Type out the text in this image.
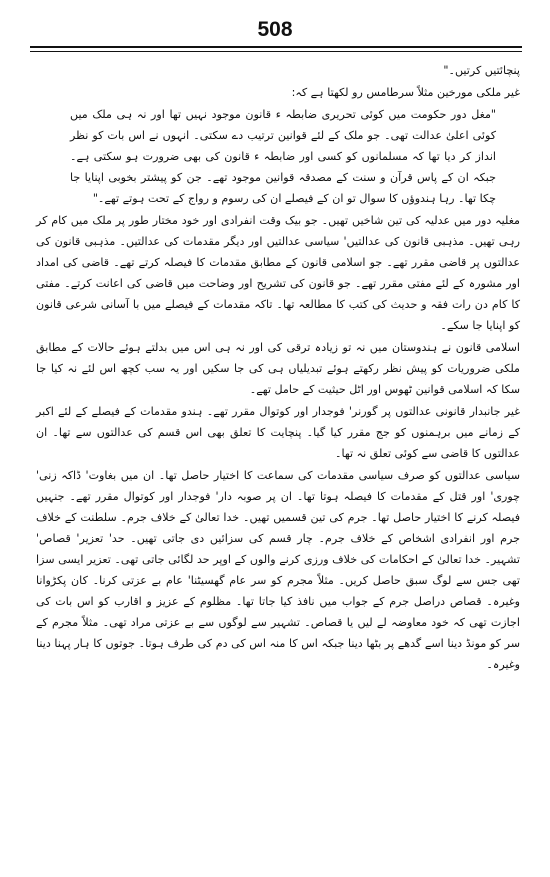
508

پنچائتیں کرتیں۔"

غیر ملکی مورخین مثلاً سرطامس رو لکھتا ہے کہ:

"مغل دور حکومت میں کوئی تحریری ضابطہ ء قانون موجود نہیں تھا اور نہ ہی ملک میں کوئی اعلیٰ عدالت تھی۔ جو ملک کے لئے قوانین ترتیب دے سکتی۔ انہوں نے اس بات کو نظر انداز کر دیا تھا کہ مسلمانوں کو کسی اور ضابطہ ء قانون کی بھی ضرورت ہو سکتی ہے۔ جبکہ ان کے پاس قرآن و سنت کے مصدقہ قوانین موجود تھے۔ جن کو پیشتر بخوبی اپنایا جا چکا تھا۔ رہا ہندوؤں کا سوال تو ان کے فیصلے ان کی رسوم و رواج کے تحت ہوتے تھے۔"

مغلیہ دور میں عدلیہ کی تین شاخیں تھیں۔ جو بیک وقت انفرادی اور خود مختار طور پر ملک میں کام کر رہی تھیں۔ مذہبی قانون کی عدالتیں' سیاسی عدالتیں اور دیگر مقدمات کی عدالتیں۔ مذہبی قانون کی عدالتوں پر قاضی مقرر تھے۔ جو اسلامی قانون کے مطابق مقدمات کا فیصلہ کرتے تھے۔ قاضی کی امداد اور مشورہ کے لئے مفتی مقرر تھے۔ جو قانون کی تشریح اور وضاحت میں قاضی کی اعانت کرتے۔ مفتی کا کام دن رات فقہ و حدیث کی کتب کا مطالعہ تھا۔ تاکہ مقدمات کے فیصلے میں با آسانی شرعی قانون کو اپنایا جا سکے۔

اسلامی قانون نے ہندوستان میں نہ تو زیادہ ترقی کی اور نہ ہی اس میں بدلتے ہوئے حالات کے مطابق ملکی ضروریات کو پیش نظر رکھتے ہوئے تبدیلیاں ہی کی جا سکیں اور یہ سب کچھ اس لئے نہ کیا جا سکا کہ اسلامی قوانین ٹھوس اور اٹل حیثیت کے حامل تھے۔

غیر جانبدار قانونی عدالتوں پر گورنر' فوجدار اور کوتوال مقرر تھے۔ ہندو مقدمات کے فیصلے کے لئے اکبر کے زمانے میں برہمنوں کو جج مقرر کیا گیا۔ پنچایت کا تعلق بھی اس قسم کی عدالتوں سے تھا۔ ان عدالتوں کا قاضی سے کوئی تعلق نہ تھا۔

سیاسی عدالتوں کو صرف سیاسی مقدمات کی سماعت کا اختیار حاصل تھا۔ ان میں بغاوت' ڈاکہ زنی' چوری' اور قتل کے مقدمات کا فیصلہ ہوتا تھا۔ ان پر صوبہ دار' فوجدار اور کوتوال مقرر تھے۔ جنہیں فیصلہ کرنے کا اختیار حاصل تھا۔ جرم کی تین قسمیں تھیں۔ خدا تعالیٰ کے خلاف جرم۔ سلطنت کے خلاف جرم اور انفرادی اشخاص کے خلاف جرم۔ چار قسم کی سزائیں دی جاتی تھیں۔ حد' تعزیر' قصاص' تشہیر۔ خدا تعالیٰ کے احکامات کی خلاف ورزی کرنے والوں کے اوپر حد لگائی جاتی تھی۔ تعزیر ایسی سزا تھی جس سے لوگ سبق حاصل کریں۔ مثلاً مجرم کو سر عام گھسیٹنا' عام بے عزتی کرنا۔ کان پکڑوانا وغیرہ۔ قصاص دراصل جرم کے جواب میں نافذ کیا جاتا تھا۔ مظلوم کے عزیز و اقارب کو اس بات کی اجازت تھی کہ خود معاوضہ لے لیں یا قصاص۔ تشہیر سے لوگوں سے بے عزتی مراد تھی۔ مثلاً مجرم کے سر کو مونڈ دینا اسے گدھے پر بٹھا دینا جبکہ اس کا منہ اس کی دم کی طرف ہوتا۔ جوتوں کا ہار پہنا دینا وغیرہ۔
